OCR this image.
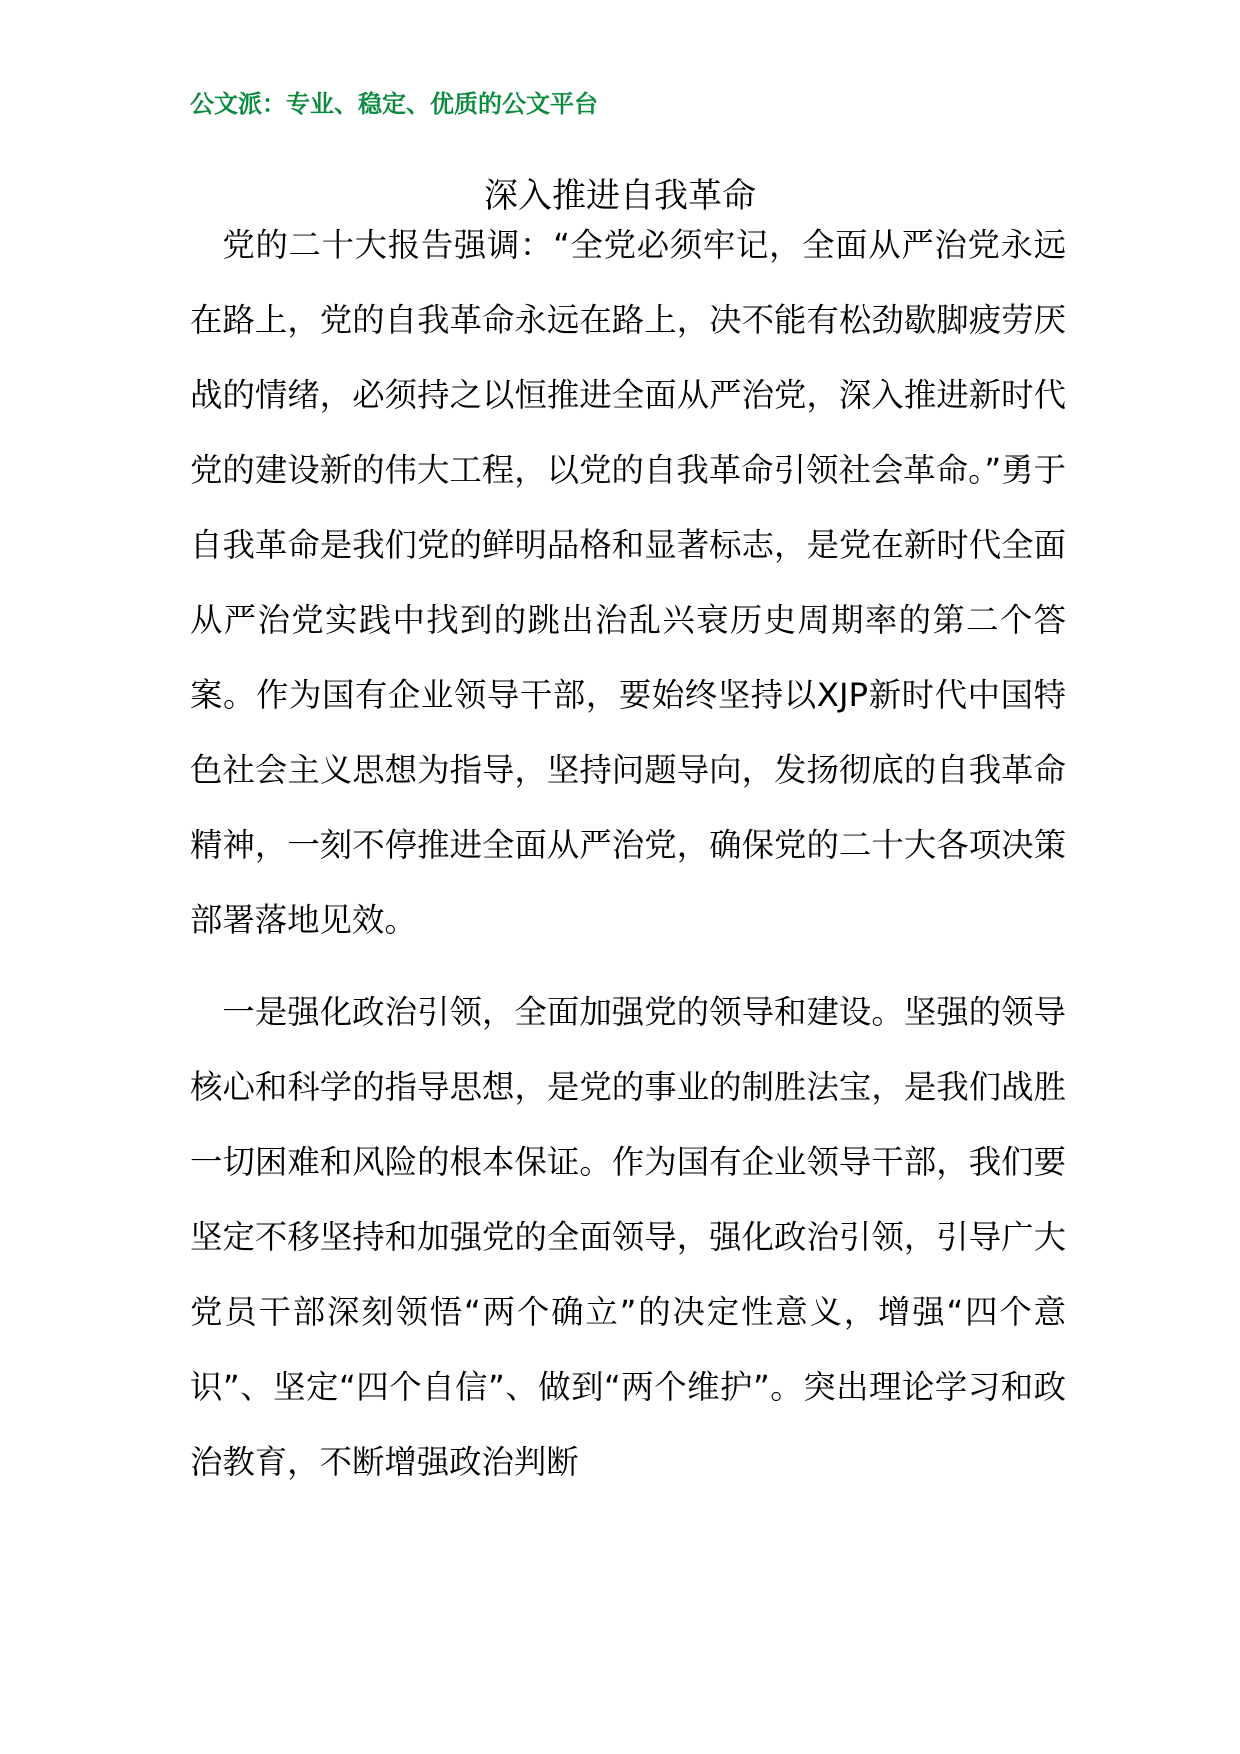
公文派：专业、稳定、优质的公文平台
深入推进自我革命

党的二十大报告强调：“全党必须牢记，全面从严治党永远在路上，党的自我革命永远在路上，决不能有松劲歇脚疲劳厌战的情绪，必须持之以恒推进全面从严治党，深入推进新时代党的建设新的伟大工程，以党的自我革命引领社会革命。”勇于自我革命是我们党的鲜明品格和显著标志，是党在新时代全面从严治党实践中找到的跳出治乱兴衰历史周期率的第二个答案。作为国有企业领导干部，要始终坚持以XJP新时代中国特色社会主义思想为指导，坚持问题导向，发扬彻底的自我革命精神，一刻不停推进全面从严治党，确保党的二十大各项决策部署落地见效。

一是强化政治引领，全面加强党的领导和建设。坚强的领导核心和科学的指导思想，是党的事业的制胜法宝，是我们战胜一切困难和风险的根本保证。作为国有企业领导干部，我们要坚定不移坚持和加强党的全面领导，强化政治引领，引导广大党员干部深刻领悟“两个确立”的决定性意义，增强“四个意识”、坚定“四个自信”、做到“两个维护”。突出理论学习和政治教育，不断增强政治判断
